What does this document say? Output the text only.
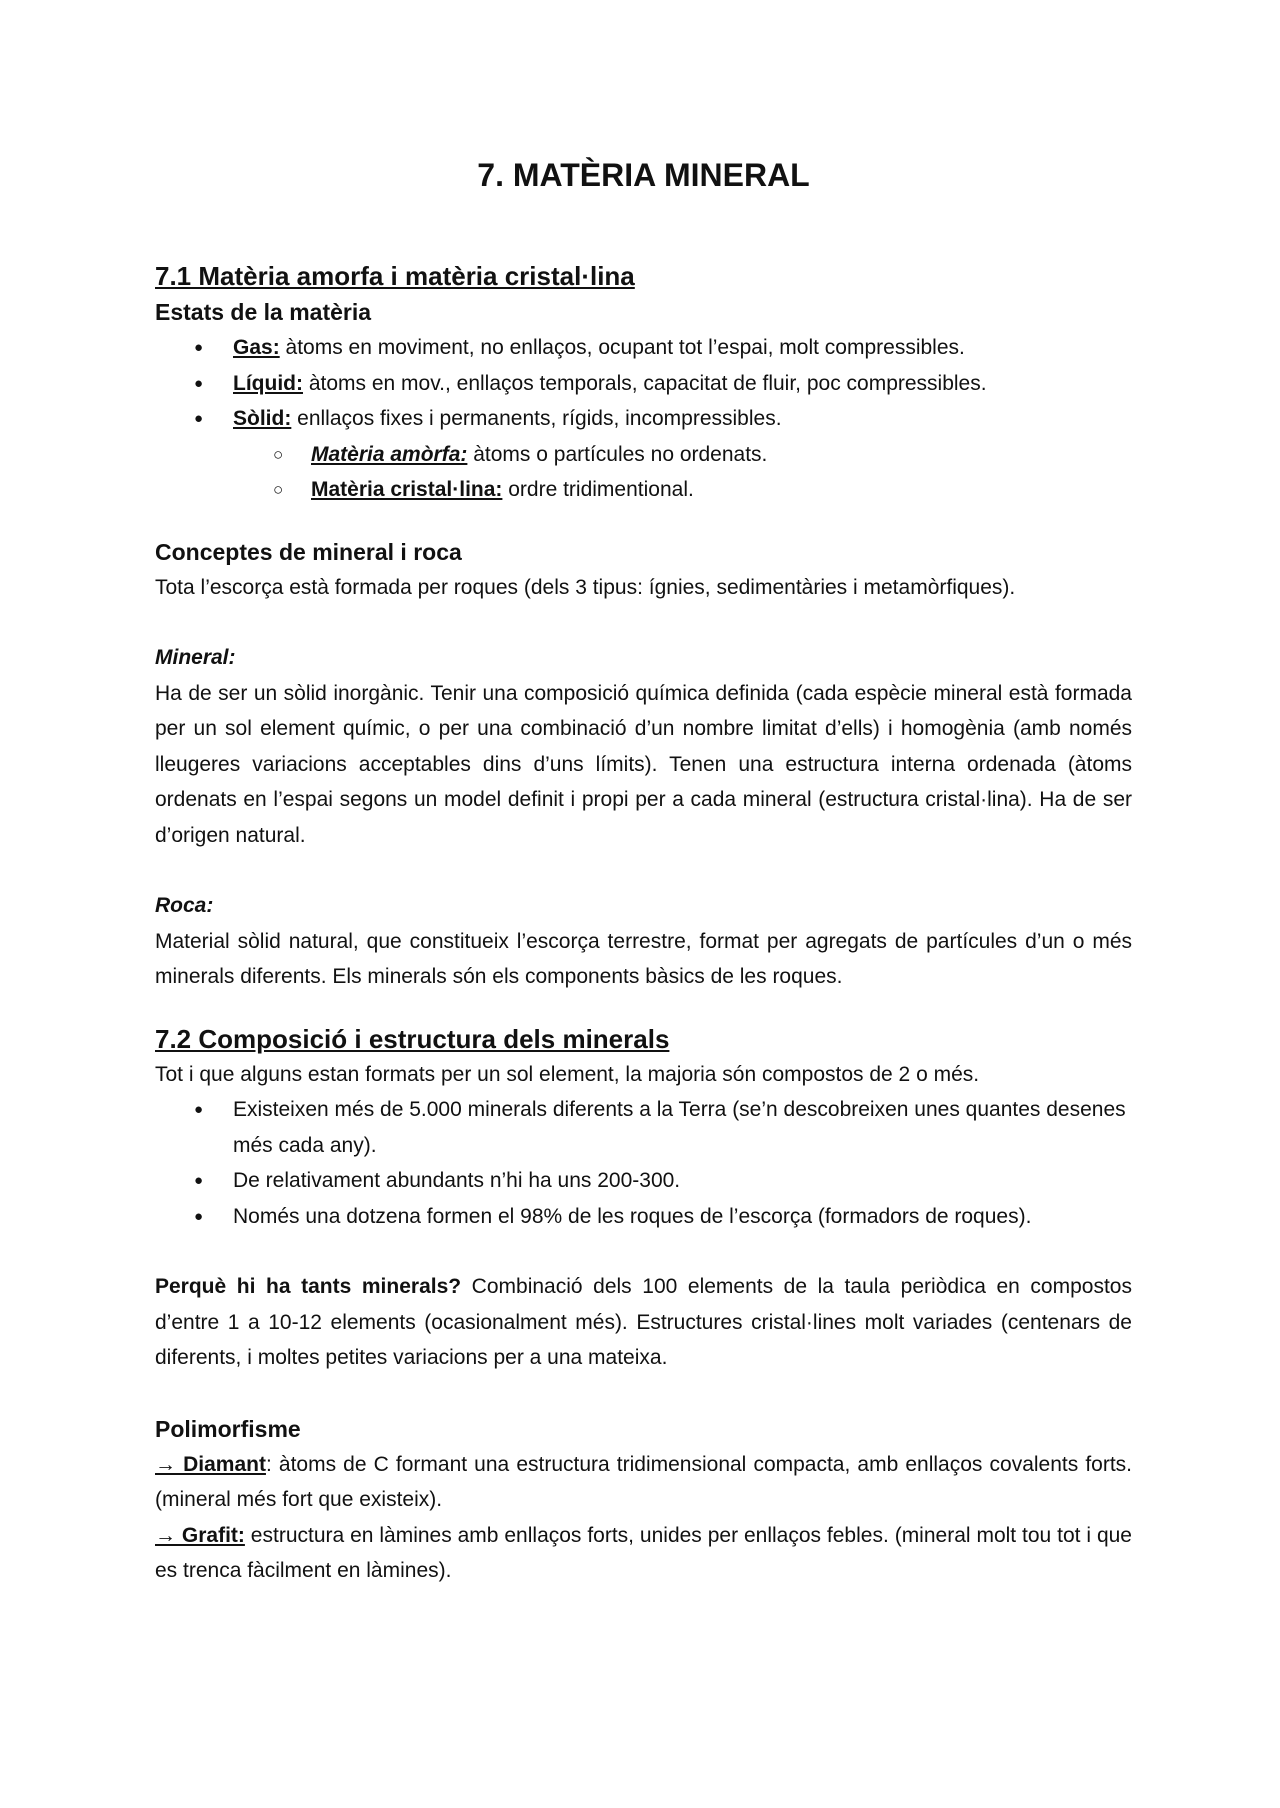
7. MATÈRIA MINERAL
7.1 Matèria amorfa i matèria cristal·lina
Estats de la matèria
● Gas: àtoms en moviment, no enllaços, ocupant tot l’espai, molt compressibles.
● Líquid: àtoms en mov., enllaços temporals, capacitat de fluir, poc compressibles.
● Sòlid: enllaços fixes i permanents, rígids, incompressibles.
○ Matèria amòrfa: àtoms o partícules no ordenats.
○ Matèria cristal·lina: ordre tridimentional.
Conceptes de mineral i roca

Tota l’escorça està formada per roques (dels 3 tipus: ígnies, sedimentàries i metamòrfiques).

Mineral:

Ha de ser un sòlid inorgànic. Tenir una composició química definida (cada espècie mineral està formada per un sol element químic, o per una combinació d’un nombre limitat d’ells) i homogènia (amb només lleugeres variacions acceptables dins d’uns límits). Tenen una estructura interna ordenada (àtoms ordenats en l’espai segons un model definit i propi per a cada mineral (estructura cristal·lina). Ha de ser d’origen natural.

Roca:

Material sòlid natural, que constitueix l’escorça terrestre, format per agregats de partícules d’un o més minerals diferents. Els minerals són els components bàsics de les roques.

7.2 Composició i estructura dels minerals

Tot i que alguns estan formats per un sol element, la majoria són compostos de 2 o més.

● Existeixen més de 5.000 minerals diferents a la Terra (se’n descobreixen unes quantes desenes més cada any).
● De relativament abundants n’hi ha uns 200-300.
● Només una dotzena formen el 98% de les roques de l’escorça (formadors de roques).

Perquè hi ha tants minerals? Combinació dels 100 elements de la taula periòdica en compostos d’entre 1 a 10-12 elements (ocasionalment més). Estructures cristal·lines molt variades (centenars de diferents, i moltes petites variacions per a una mateixa.

Polimorfisme

→ Diamant: àtoms de C formant una estructura tridimensional compacta, amb enllaços covalents forts. (mineral més fort que existeix).

→ Grafit: estructura en làmines amb enllaços forts, unides per enllaços febles. (mineral molt tou tot i que es trenca fàcilment en làmines).
